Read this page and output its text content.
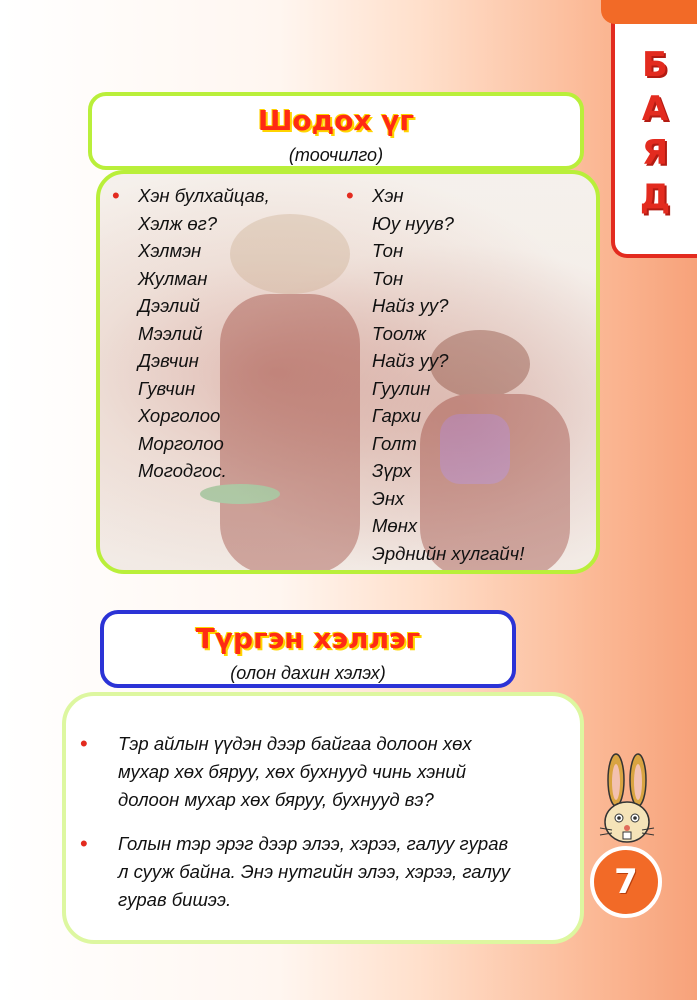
Б
А
Я
Д
Шодох үг
(тоочилго)
• Хэн булхайцав,
Хэлж өг?
Хэлмэн
Жулман
Дээлий
Мээлий
Дэвчин
Гувчин
Хорголоо
Морголоо
Могодгос.
• Хэн
Юу нуув?
Тон
Тон
Найз уу?
Тоолж
Найз уу?
Гуулин
Гархи
Голт
Зүрх
Энх
Мөнх
Эрднийн хулгайч!
Түргэн хэллэг
(олон дахин хэлэх)
•	Тэр айлын үүдэн дээр байгаа долоон хөх
мухар хөх бяруу, хөх бухнууд чинь хэний
долоон мухар хөх бяруу, бухнууд вэ?
•	Голын тэр эрэг дээр элээ, хэрээ, галуу гурав
л сууж байна. Энэ нутгийн элээ, хэрээ, галуу
гурав бишээ.	7
